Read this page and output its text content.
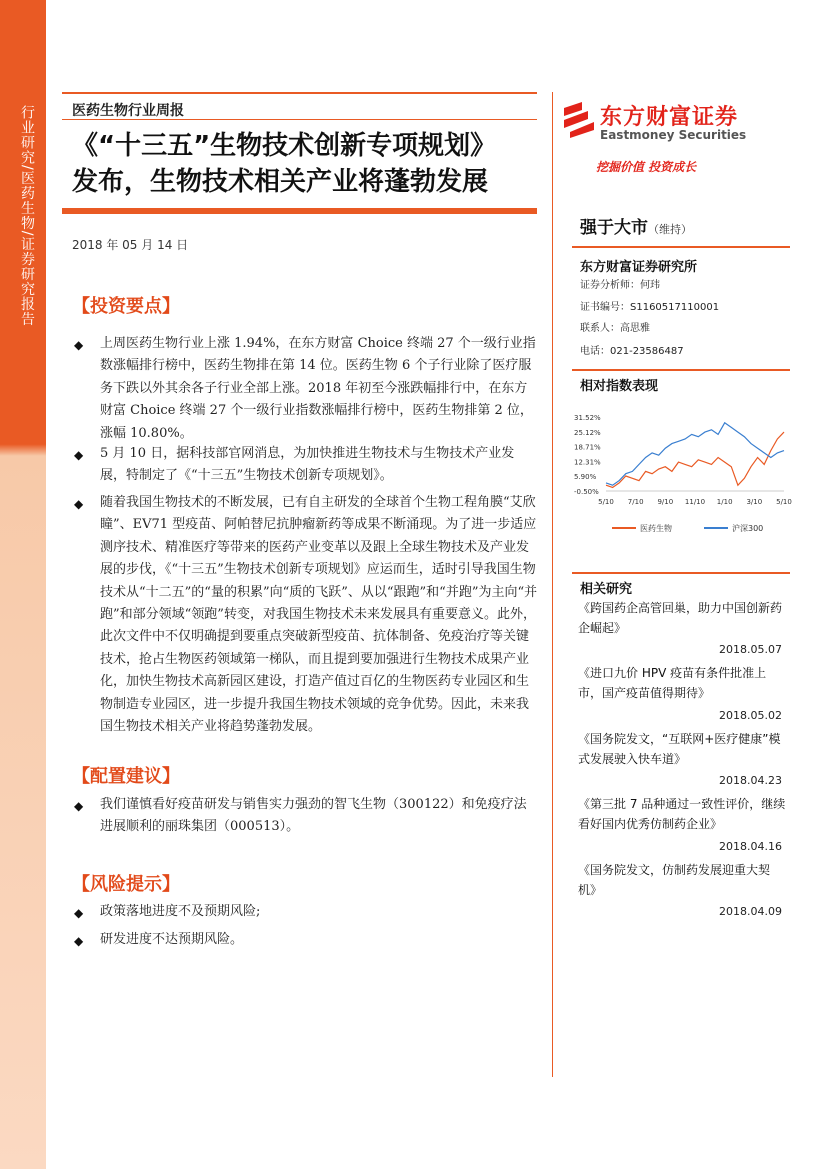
行业研究/医药生物/证券研究报告	医药生物行业周报
《“十三五”生物技术创新专项规划》
发布，生物技术相关产业将蓬勃发展
2018 年 05 月 14 日
【投资要点】
◆ 上周医药生物行业上涨 1.94%，在东方财富 Choice 终端 27 个一级行业指数涨幅排行榜中，医药生物排在第 14 位。医药生物 6 个子行业除了医疗服务下跌以外其余各子行业全部上涨。2018 年初至今涨跌幅排行中，在东方财富 Choice 终端 27 个一级行业指数涨幅排行榜中，医药生物排第 2 位，涨幅 10.80%。
◆ 5 月 10 日，据科技部官网消息，为加快推进生物技术与生物技术产业发展，特制定了《“十三五”生物技术创新专项规划》。
◆ 随着我国生物技术的不断发展，已有自主研发的全球首个生物工程角膜“艾欣瞳”、EV71 型疫苗、阿帕替尼抗肿瘤新药等成果不断涌现。为了进一步适应测序技术、精准医疗等带来的医药产业变革以及跟上全球生物技术及产业发展的步伐，《“十三五”生物技术创新专项规划》应运而生，适时引导我国生物技术从“十二五”的“量的积累”向“质的飞跃”、从以“跟跑”和“并跑”为主向“并跑”和部分领域“领跑”转变，对我国生物技术未来发展具有重要意义。此外，此次文件中不仅明确提到要重点突破新型疫苗、抗体制备、免疫治疗等关键技术，抢占生物医药领域第一梯队，而且提到要加强进行生物技术成果产业化，加快生物技术高新园区建设，打造产值过百亿的生物医药专业园区和生物制造专业园区，进一步提升我国生物技术领域的竞争优势。因此，未来我国生物技术相关产业将趋势蓬勃发展。
【配置建议】
◆ 我们谨慎看好疫苗研发与销售实力强劲的智飞生物（300122）和免疫疗法进展顺利的丽珠集团（000513）。
【风险提示】
◆ 政策落地进度不及预期风险;
◆ 研发进度不达预期风险。
东方财富证券
Eastmoney Securities
挖掘价值 投资成长
强于大市（维持）
东方财富证券研究所
证券分析师：何玮
证书编号：S1160517110001
联系人：高思雅
电话：021-23586487
相对指数表现
31.52%
25.12%
18.71%
12.31%
5.90%
-0.50%
5/10 7/10 9/10 11/10 1/10 3/10 5/10
医药生物	沪深300
相关研究
《跨国药企高管回巢，助力中国创新药企崛起》
2018.05.07
《进口九价 HPV 疫苗有条件批准上市，国产疫苗值得期待》
2018.05.02
《国务院发文，“互联网+医疗健康”模式发展驶入快车道》
2018.04.23
《第三批 7 品种通过一致性评价，继续看好国内优秀仿制药企业》
2018.04.16
《国务院发文，仿制药发展迎重大契机》
2018.04.09
